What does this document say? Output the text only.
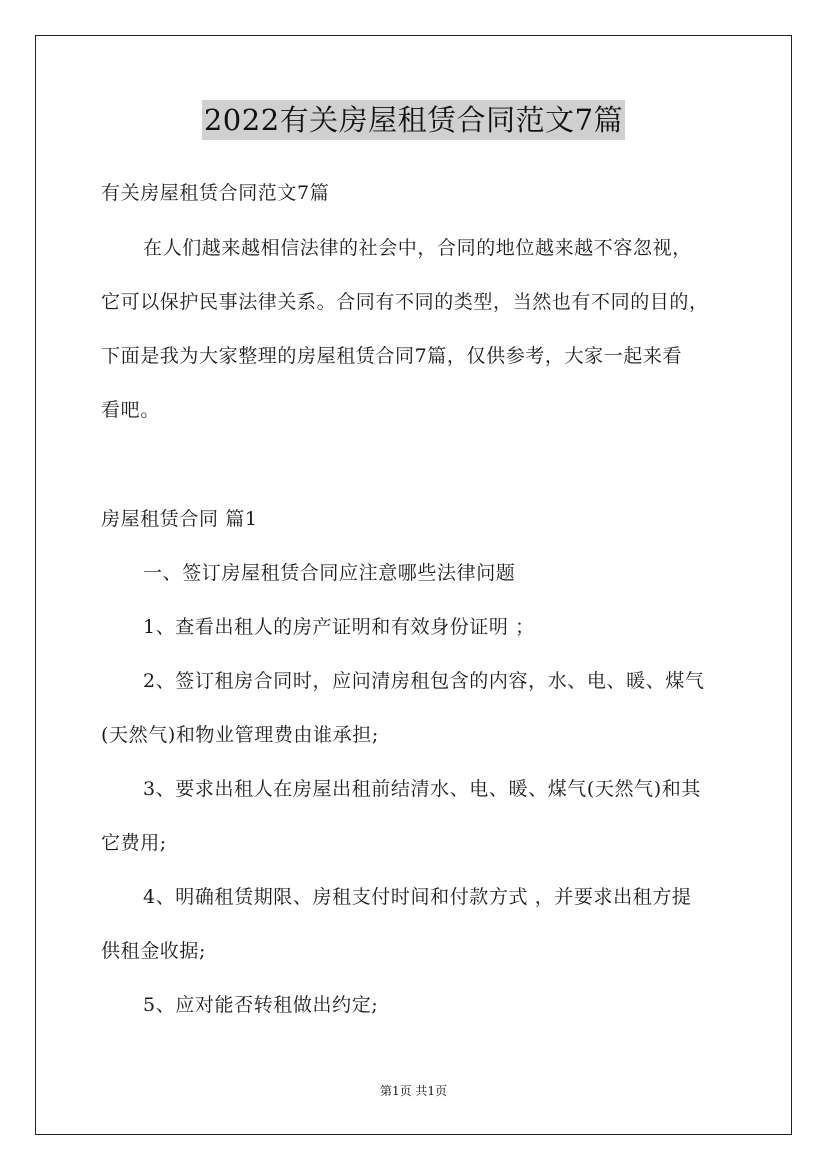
2022有关房屋租赁合同范文7篇
有关房屋租赁合同范文7篇
在人们越来越相信法律的社会中，合同的地位越来越不容忽视，
它可以保护民事法律关系。合同有不同的类型，当然也有不同的目的，
下面是我为大家整理的房屋租赁合同7篇，仅供参考，大家一起来看
看吧。
房屋租赁合同 篇1
一、签订房屋租赁合同应注意哪些法律问题
1、查看出租人的房产证明和有效身份证明 ；
2、签订租房合同时，应问清房租包含的内容，水、电、暖、煤气
(天然气)和物业管理费由谁承担;
3、要求出租人在房屋出租前结清水、电、暖、煤气(天然气)和其
它费用;
4、明确租赁期限、房租支付时间和付款方式 ，并要求出租方提
供租金收据;
5、应对能否转租做出约定;
第1页 共1页
